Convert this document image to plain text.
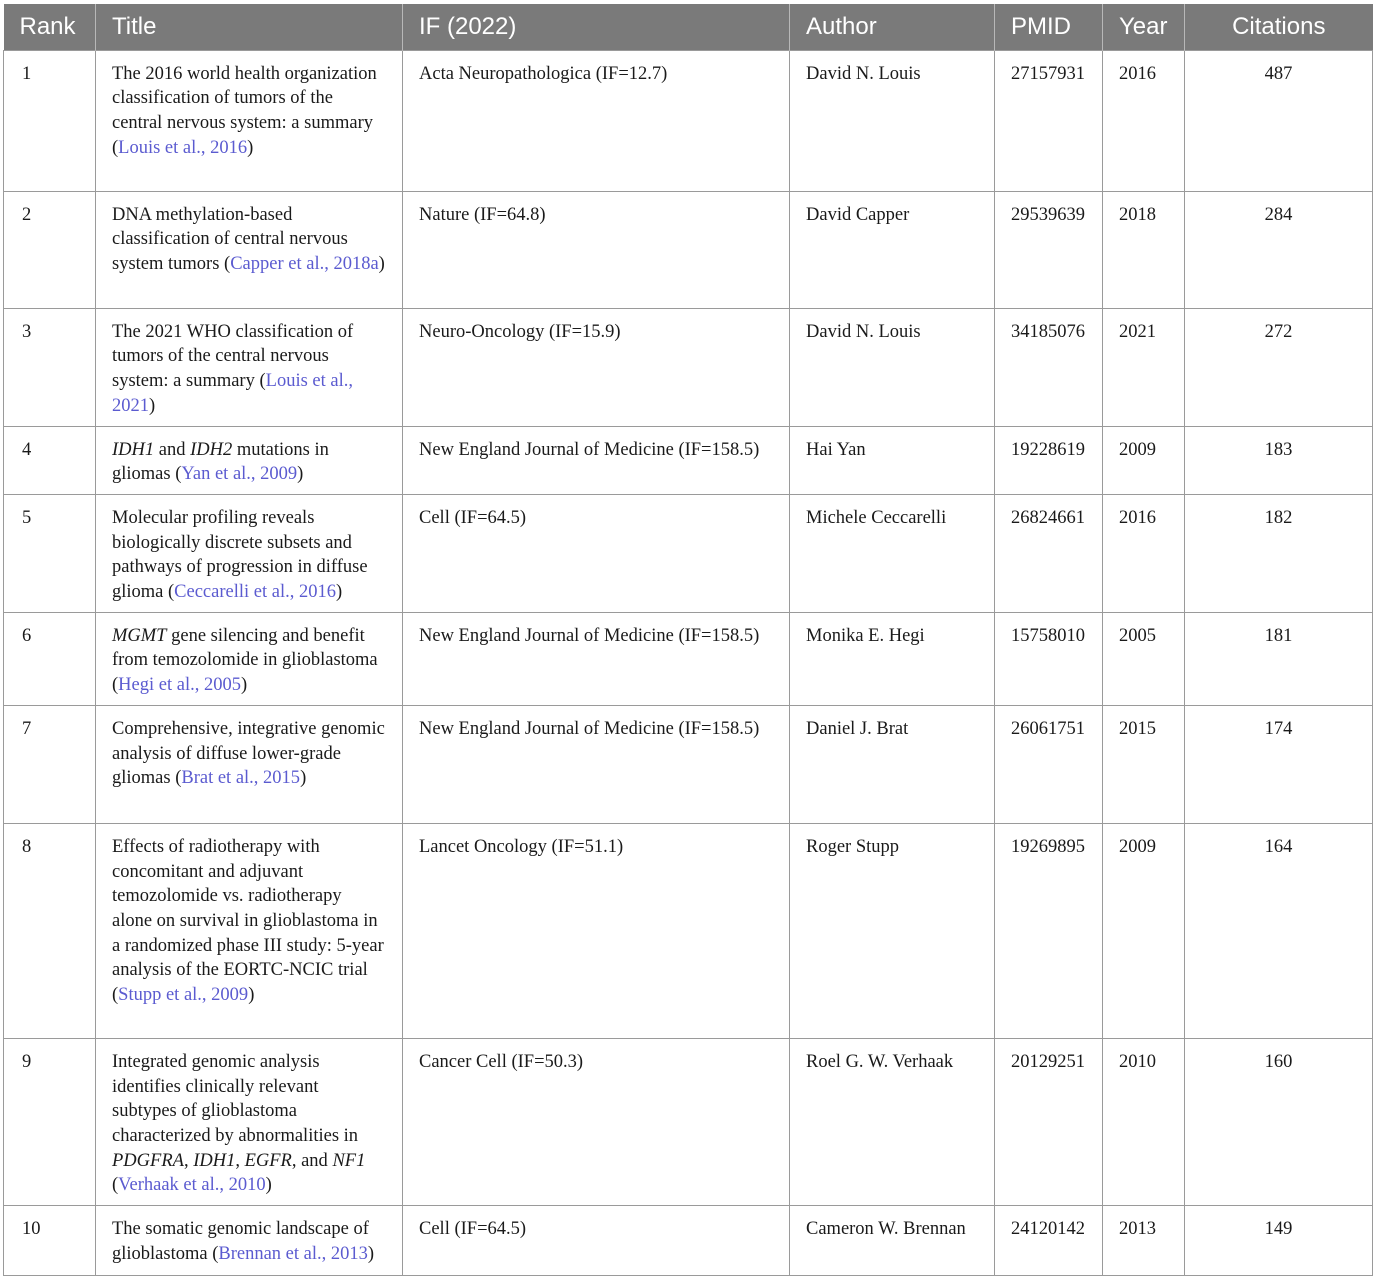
Rank	Title	IF (2022)	Author	PMID	Year	Citations
1	The 2016 world health organization classification of tumors of the central nervous system: a summary (Louis et al., 2016)	Acta Neuropathologica (IF=12.7)	David N. Louis	27157931	2016	487
2	DNA methylation-based classification of central nervous system tumors (Capper et al., 2018a)	Nature (IF=64.8)	David Capper	29539639	2018	284
3	The 2021 WHO classification of tumors of the central nervous system: a summary (Louis et al., 2021)	Neuro-Oncology (IF=15.9)	David N. Louis	34185076	2021	272
4	IDH1 and IDH2 mutations in gliomas (Yan et al., 2009)	New England Journal of Medicine (IF=158.5)	Hai Yan	19228619	2009	183
5	Molecular profiling reveals biologically discrete subsets and pathways of progression in diffuse glioma (Ceccarelli et al., 2016)	Cell (IF=64.5)	Michele Ceccarelli	26824661	2016	182
6	MGMT gene silencing and benefit from temozolomide in glioblastoma (Hegi et al., 2005)	New England Journal of Medicine (IF=158.5)	Monika E. Hegi	15758010	2005	181
7	Comprehensive, integrative genomic analysis of diffuse lower-grade gliomas (Brat et al., 2015)	New England Journal of Medicine (IF=158.5)	Daniel J. Brat	26061751	2015	174
8	Effects of radiotherapy with concomitant and adjuvant temozolomide vs. radiotherapy alone on survival in glioblastoma in a randomized phase III study: 5-year analysis of the EORTC-NCIC trial (Stupp et al., 2009)	Lancet Oncology (IF=51.1)	Roger Stupp	19269895	2009	164
9	Integrated genomic analysis identifies clinically relevant subtypes of glioblastoma characterized by abnormalities in PDGFRA, IDH1, EGFR, and NF1 (Verhaak et al., 2010)	Cancer Cell (IF=50.3)	Roel G. W. Verhaak	20129251	2010	160
10	The somatic genomic landscape of glioblastoma (Brennan et al., 2013)	Cell (IF=64.5)	Cameron W. Brennan	24120142	2013	149
